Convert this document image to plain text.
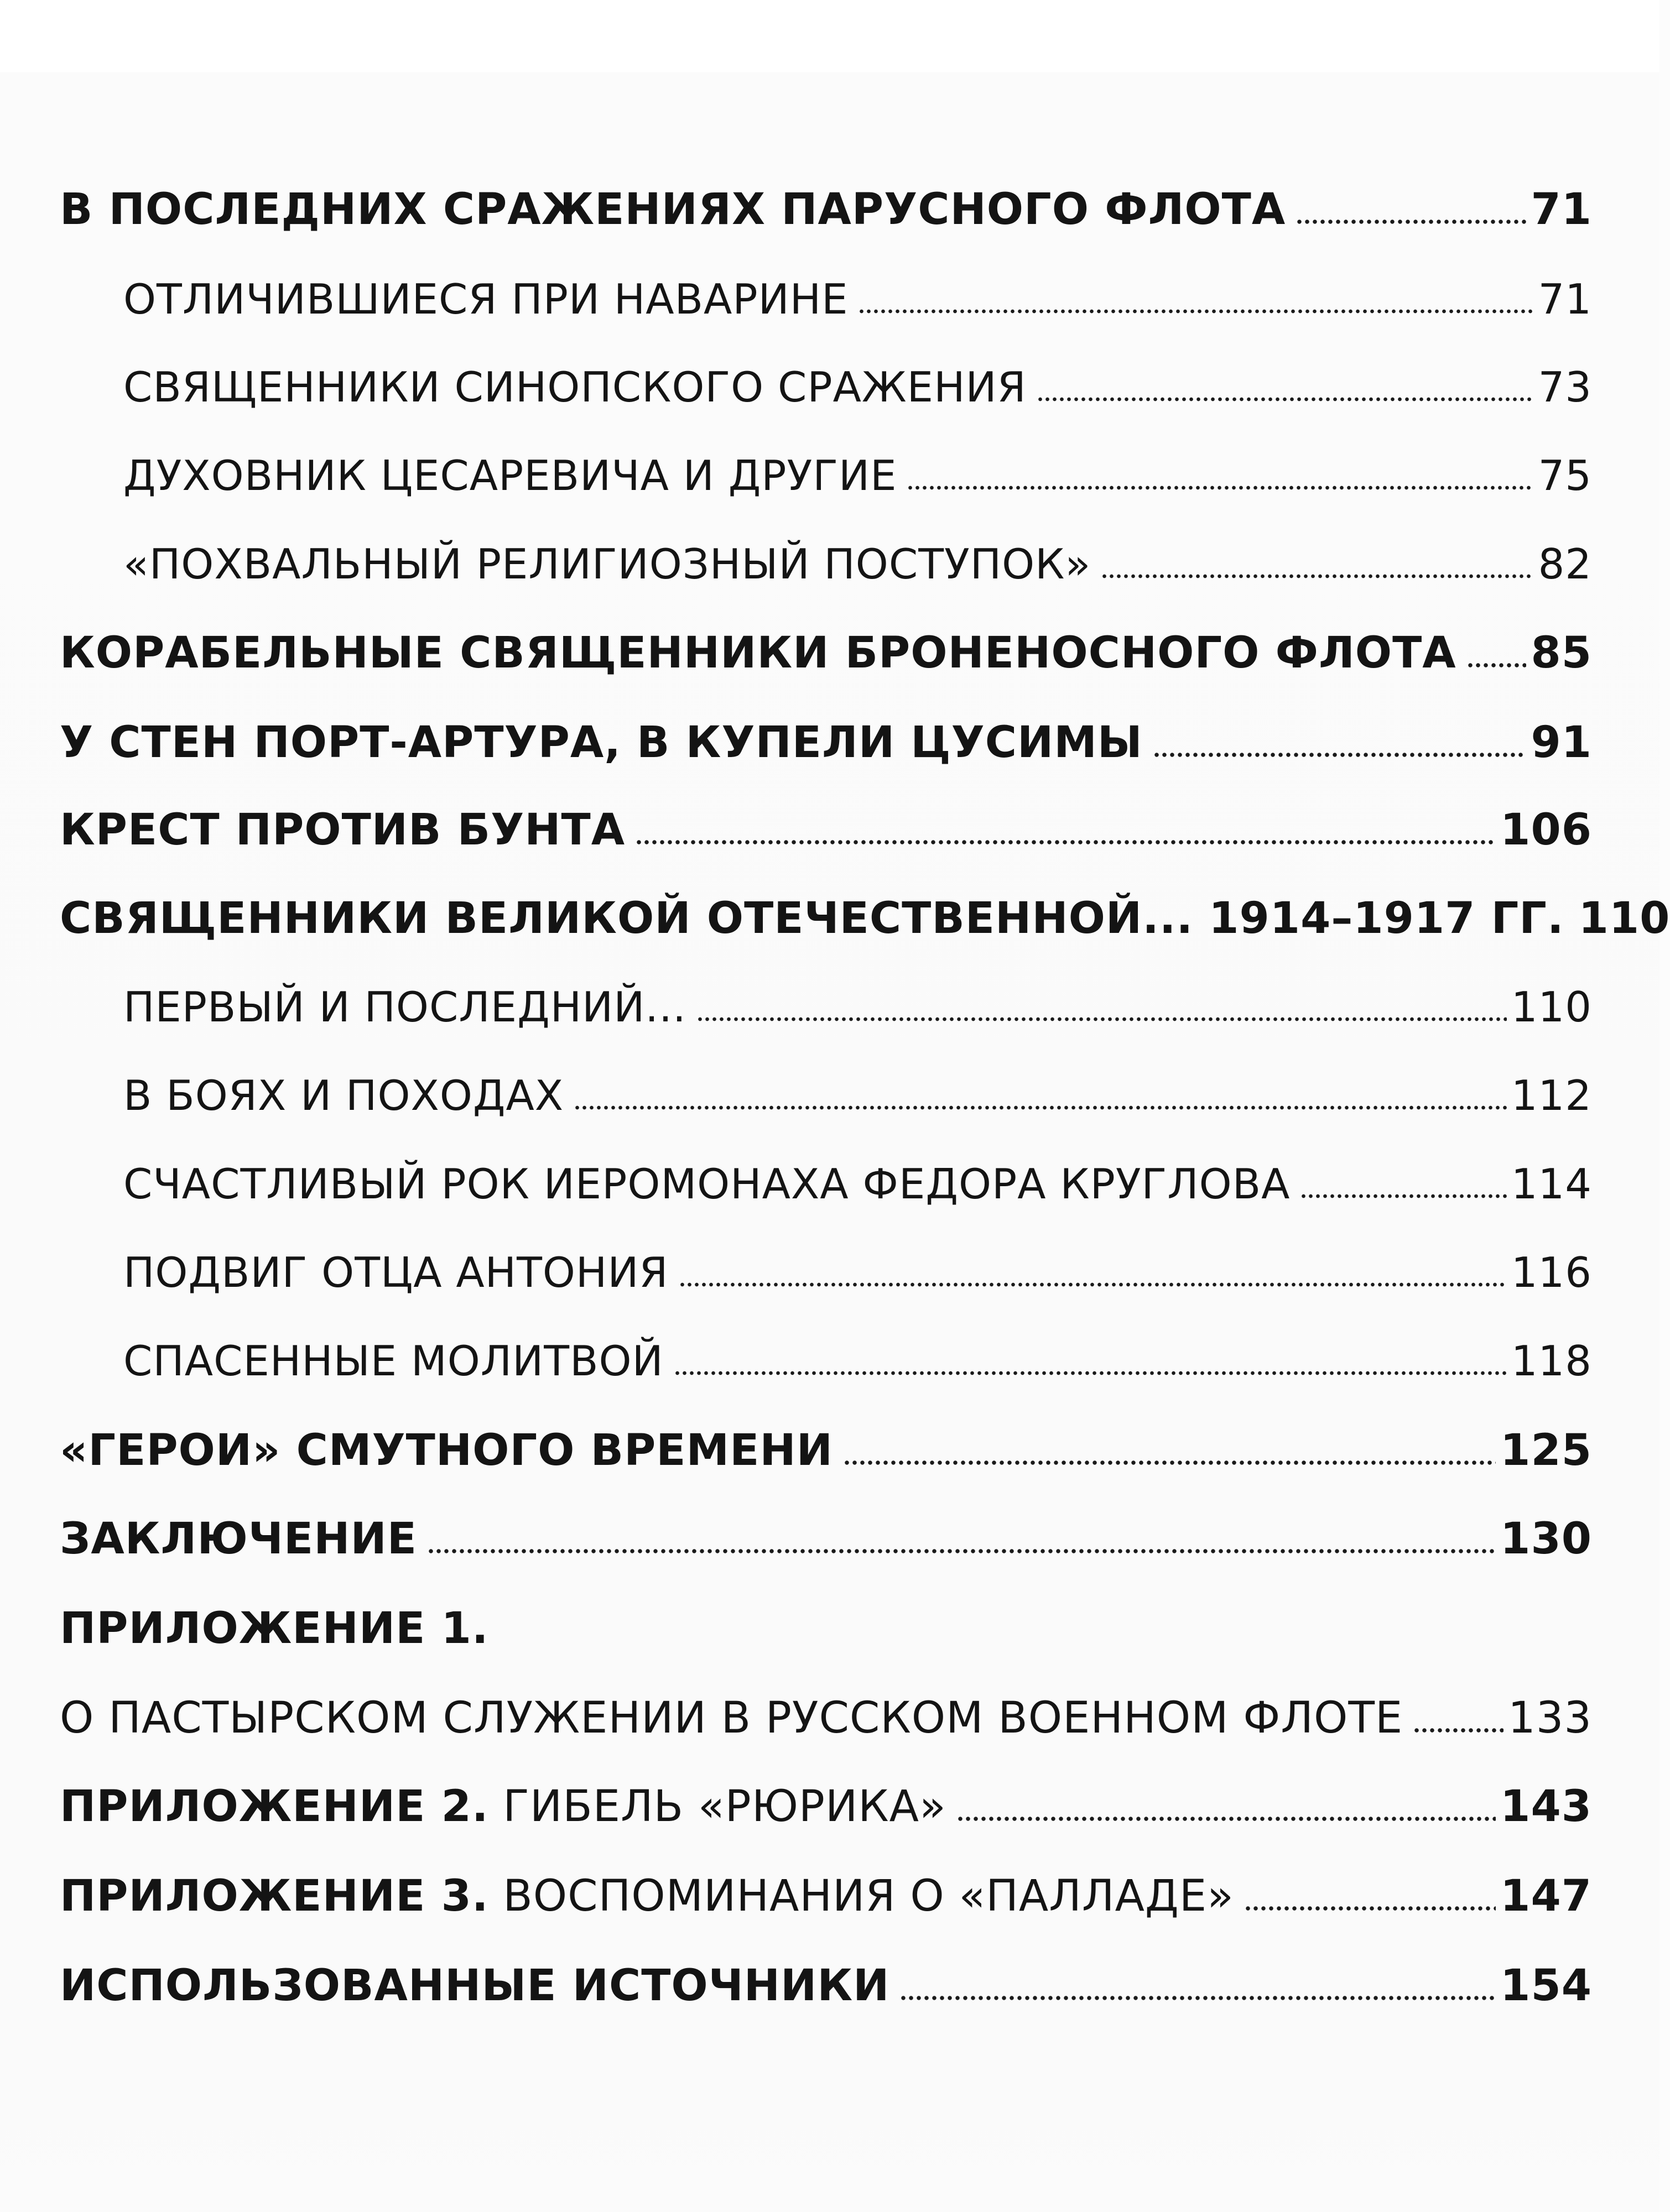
В ПОСЛЕДНИХ СРАЖЕНИЯХ ПАРУСНОГО ФЛОТА	71
ОТЛИЧИВШИЕСЯ ПРИ НАВАРИНЕ	71
СВЯЩЕННИКИ СИНОПСКОГО СРАЖЕНИЯ	73
ДУХОВНИК ЦЕСАРЕВИЧА И ДРУГИЕ	75
«ПОХВАЛЬНЫЙ РЕЛИГИОЗНЫЙ ПОСТУПОК»	82
КОРАБЕЛЬНЫЕ СВЯЩЕННИКИ БРОНЕНОСНОГО ФЛОТА 85
У СТЕН ПОРТ-АРТУРА, В КУПЕЛИ ЦУСИМЫ	91
КРЕСТ ПРОТИВ БУНТА	106
СВЯЩЕННИКИ ВЕЛИКОЙ ОТЕЧЕСТВЕННОЙ... 1914–1917 ГГ. 110
ПЕРВЫЙ И ПОСЛЕДНИЙ...	110
В БОЯХ И ПОХОДАХ	112
СЧАСТЛИВЫЙ РОК ИЕРОМОНАХА ФЕДОРА КРУГЛОВА	114
ПОДВИГ ОТЦА АНТОНИЯ	116
СПАСЕННЫЕ МОЛИТВОЙ	118
«ГЕРОИ» СМУТНОГО ВРЕМЕНИ	125
ЗАКЛЮЧЕНИЕ	130
ПРИЛОЖЕНИЕ 1.
О ПАСТЫРСКОМ СЛУЖЕНИИ В РУССКОМ ВОЕННОМ ФЛОТЕ 133
ПРИЛОЖЕНИЕ 2. ГИБЕЛЬ «РЮРИКА»	143
ПРИЛОЖЕНИЕ 3. ВОСПОМИНАНИЯ О «ПАЛЛАДЕ»	147
ИСПОЛЬЗОВАННЫЕ ИСТОЧНИКИ	154
